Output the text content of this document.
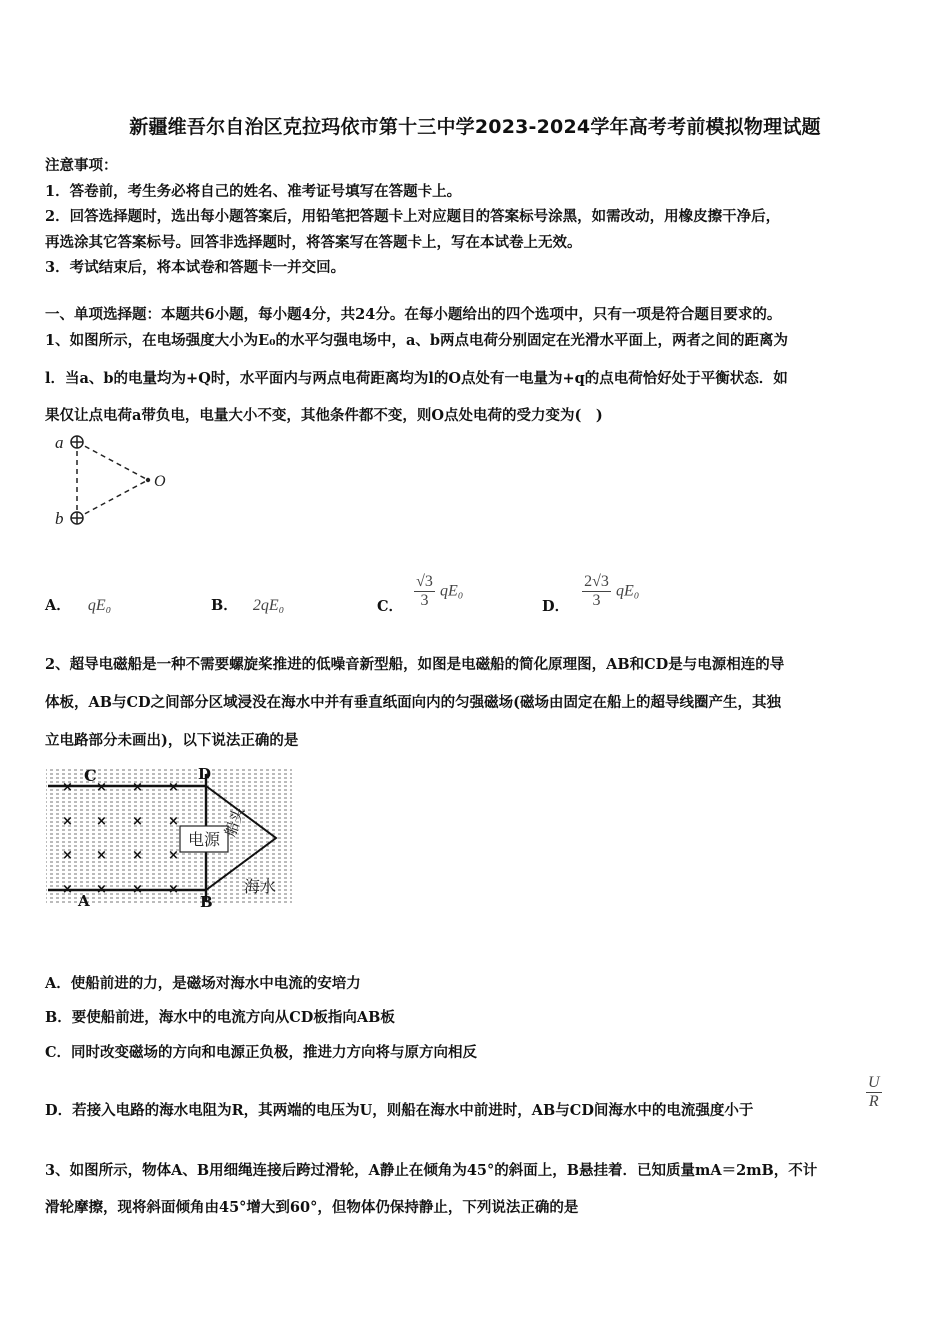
新疆维吾尔自治区克拉玛依市第十三中学2023-2024学年高考考前模拟物理试题
注意事项：
1．答卷前，考生务必将自己的姓名、准考证号填写在答题卡上。
2．回答选择题时，选出每小题答案后，用铅笔把答题卡上对应题目的答案标号涂黑，如需改动，用橡皮擦干净后，
再选涂其它答案标号。回答非选择题时，将答案写在答题卡上，写在本试卷上无效。
3．考试结束后，将本试卷和答题卡一并交回。
一、单项选择题：本题共6小题，每小题4分，共24分。在每小题给出的四个选项中，只有一项是符合题目要求的。
1、如图所示，在电场强度大小为E₀的水平匀强电场中，a、b两点电荷分别固定在光滑水平面上，两者之间的距离为
l．当a、b的电量均为+Q时，水平面内与两点电荷距离均为l的O点处有一电量为+q的点电荷恰好处于平衡状态．如
果仅让点电荷a带负电，电量大小不变，其他条件都不变，则O点处电荷的受力变为(　)
a
b
O
A． qE₀	B． 2qE₀	C． $\frac{√3}{3} qE_0$
D． $\frac{2√3}{3} qE_0$
2、超导电磁船是一种不需要螺旋桨推进的低噪音新型船，如图是电磁船的简化原理图，AB和CD是与电源相连的导
体板，AB与CD之间部分区域浸没在海水中并有垂直纸面向内的匀强磁场(磁场由固定在船上的超导线圈产生，其独
立电路部分未画出)，以下说法正确的是
电源
船头
海水
C	D
A	B
× × × ×
× × × ×
× × × ×
× × × ×
A．使船前进的力，是磁场对海水中电流的安培力
B．要使船前进，海水中的电流方向从CD板指向AB板
C．同时改变磁场的方向和电源正负极，推进力方向将与原方向相反
D．若接入电路的海水电阻为R，其两端的电压为U，则船在海水中前进时，AB与CD间海水中的电流强度小于	$\frac{U}{R}$
3、如图所示，物体A、B用细绳连接后跨过滑轮，A静止在倾角为45°的斜面上，B悬挂着．已知质量mA＝2mB，不计
滑轮摩擦，现将斜面倾角由45°增大到60°，但物体仍保持静止，下列说法正确的是
